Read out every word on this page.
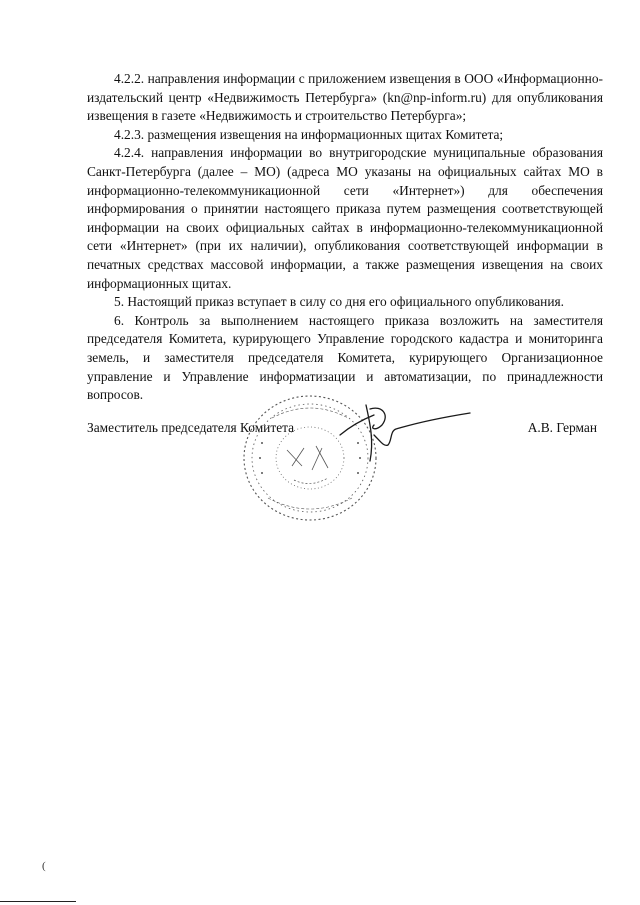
4.2.2. направления информации с приложением извещения в ООО «Информационно-издательский центр «Недвижимость Петербурга» (kn@np-inform.ru) для опубликования извещения в газете «Недвижимость и строительство Петербурга»;

4.2.3. размещения извещения на информационных щитах Комитета;

4.2.4. направления информации во внутригородские муниципальные образования Санкт-Петербурга (далее – МО) (адреса МО указаны на официальных сайтах МО в информационно-телекоммуникационной сети «Интернет») для обеспечения информирования о принятии настоящего приказа путем размещения соответствующей информации на своих официальных сайтах в информационно-телекоммуникационной сети «Интернет» (при их наличии), опубликования соответствующей информации в печатных средствах массовой информации, а также размещения извещения на своих информационных щитах.

5. Настоящий приказ вступает в силу со дня его официального опубликования.

6. Контроль за выполнением настоящего приказа возложить на заместителя председателя Комитета, курирующего Управление городского кадастра и мониторинга земель, и заместителя председателя Комитета, курирующего Организационное управление и Управление информатизации и автоматизации, по принадлежности вопросов.

Заместитель председателя Комитета	А.В. Герман
(
